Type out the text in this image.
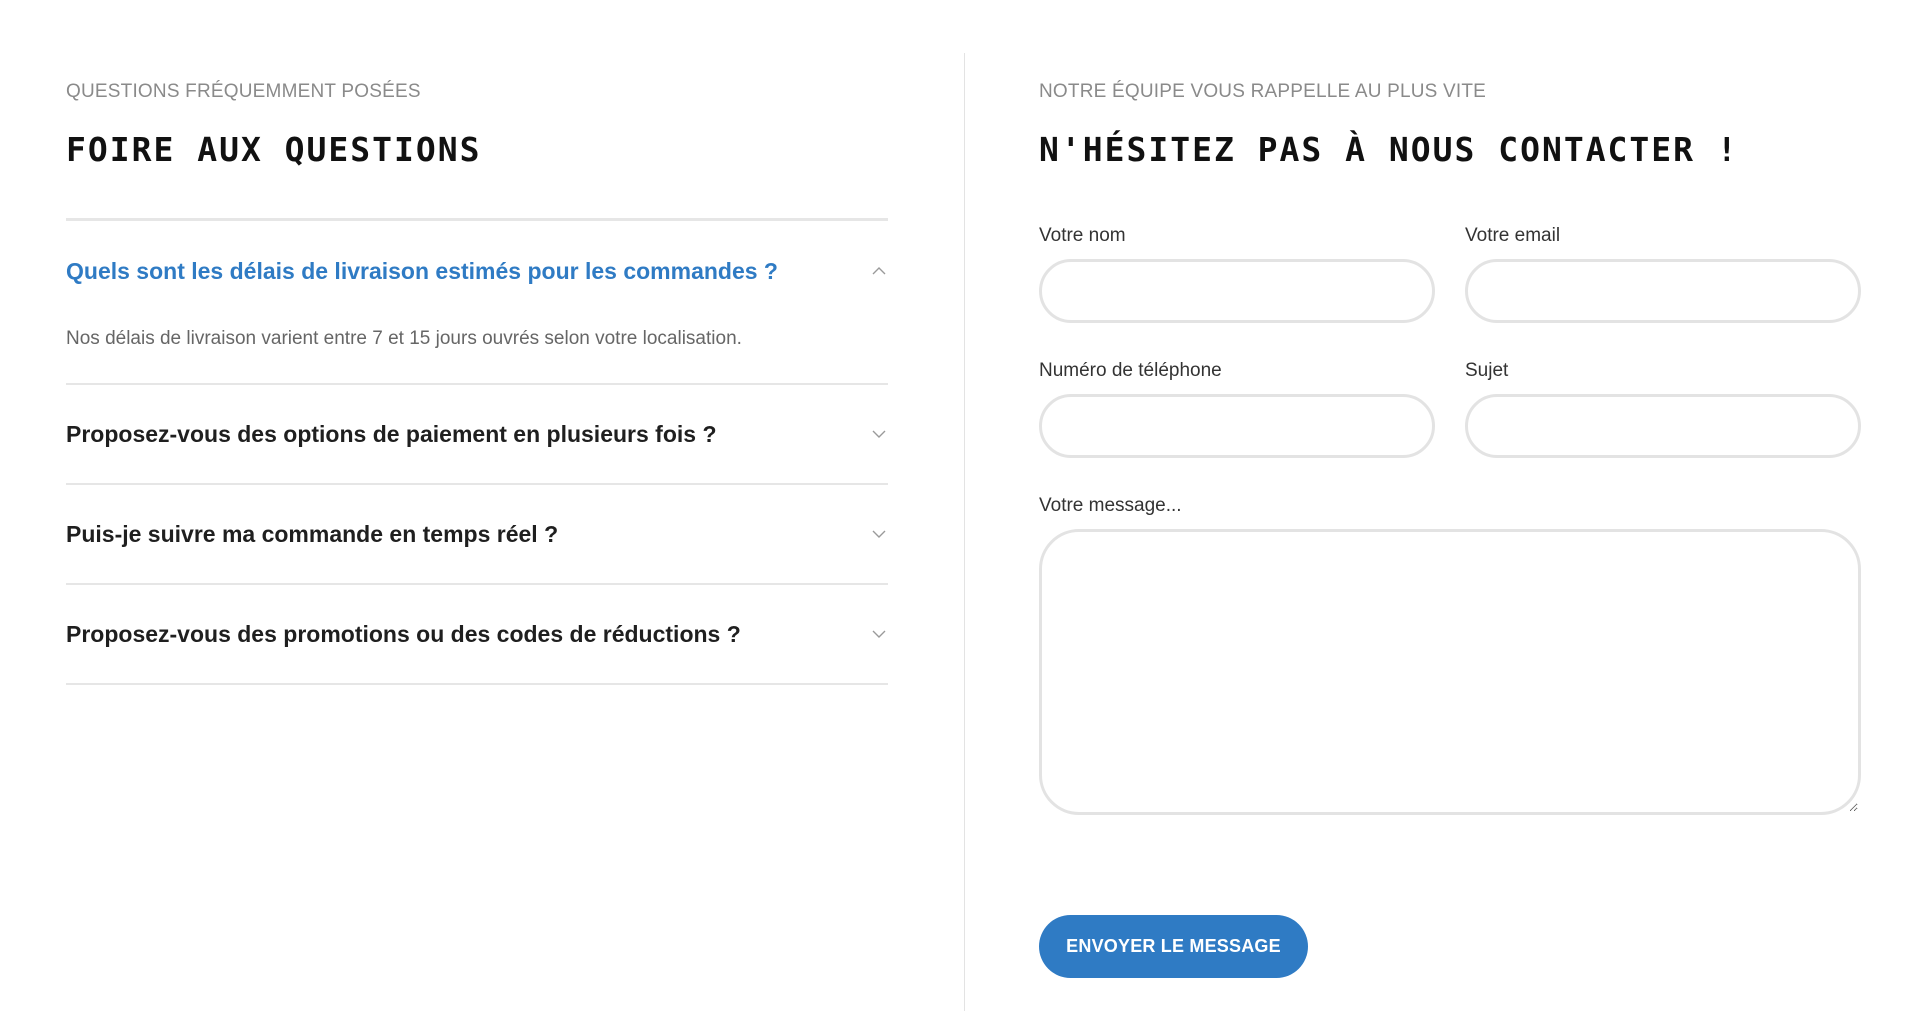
QUESTIONS FRÉQUEMMENT POSÉES
FOIRE AUX QUESTIONS
Quels sont les délais de livraison estimés pour les commandes ?
Nos délais de livraison varient entre 7 et 15 jours ouvrés selon votre localisation.
Proposez-vous des options de paiement en plusieurs fois ?
Puis-je suivre ma commande en temps réel ?
Proposez-vous des promotions ou des codes de réductions ?
NOTRE ÉQUIPE VOUS RAPPELLE AU PLUS VITE
N'HÉSITEZ PAS À NOUS CONTACTER !
Votre nom	Votre email
Numéro de téléphone	Sujet
Votre message...
ENVOYER LE MESSAGE
